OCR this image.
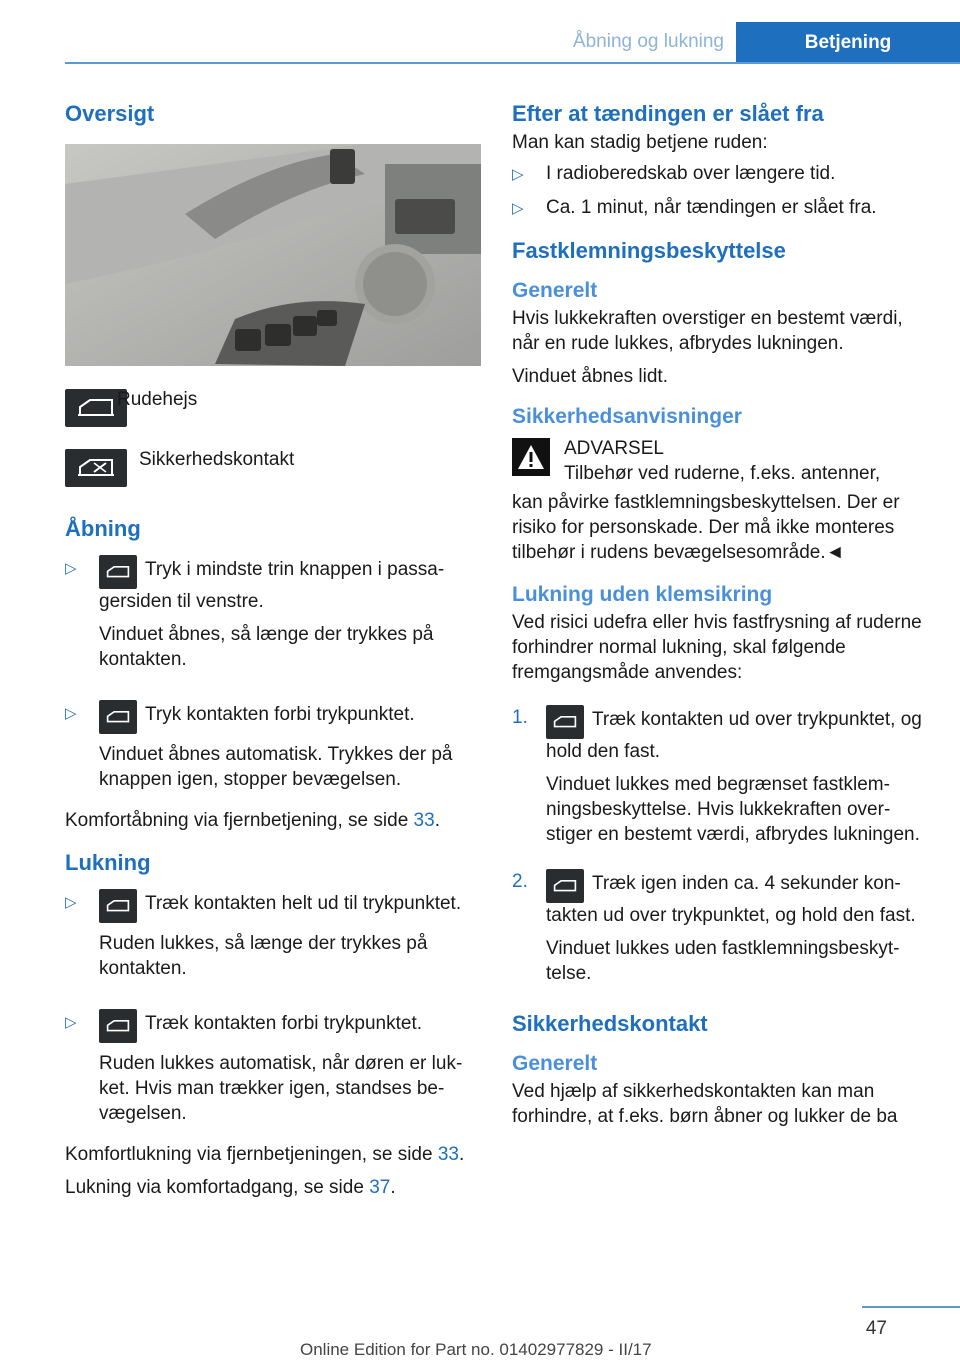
Åbning og lukning	Betjening
Oversigt
Rudehejs
Sikkerhedskontakt
Åbning
▷	Tryk i mindste trin knappen i passagersiden til venstre.

Vinduet åbnes, så længe der trykkes på kontakten.

▷	Tryk kontakten forbi trykpunktet.

Vinduet åbnes automatisk. Trykkes der på knappen igen, stopper bevægelsen.

Komfortåbning via fjernbetjening, se side 33.

Lukning
▷	Træk kontakten helt ud til trykpunktet.

Ruden lukkes, så længe der trykkes på kontakten.

▷	Træk kontakten forbi trykpunktet.

Ruden lukkes automatisk, når døren er lukket. Hvis man trækker igen, standses bevægelsen.

Komfortlukning via fjernbetjeningen, se side 33.

Lukning via komfortadgang, se side 37.

Efter at tændingen er slået fra

Man kan stadig betjene ruden:

▷	I radioberedskab over længere tid.
▷	Ca. 1 minut, når tændingen er slået fra.
Fastklemningsbeskyttelse
Generelt

Hvis lukkekraften overstiger en bestemt værdi, når en rude lukkes, afbrydes lukningen.

Vinduet åbnes lidt.

Sikkerhedsanvisninger
ADVARSEL
Tilbehør ved ruderne, f.eks. antenner,

kan påvirke fastklemningsbeskyttelsen. Der er risiko for personskade. Der må ikke monteres tilbehør i rudens bevægelsesområde.◄

Lukning uden klemsikring

Ved risici udefra eller hvis fastfrysning af ruderne forhindrer normal lukning, skal følgende fremgangsmåde anvendes:

1.	Træk kontakten ud over trykpunktet, og hold den fast.

Vinduet lukkes med begrænset fastklemningsbeskyttelse. Hvis lukkekraften overstiger en bestemt værdi, afbrydes lukningen.

2.	Træk igen inden ca. 4 sekunder kontakten ud over trykpunktet, og hold den fast.

Vinduet lukkes uden fastklemningsbeskyttelse.

Sikkerhedskontakt
Generelt

Ved hjælp af sikkerhedskontakten kan man forhindre, at f.eks. børn åbner og lukker de ba

47
Online Edition for Part no. 01402977829 - II/17
